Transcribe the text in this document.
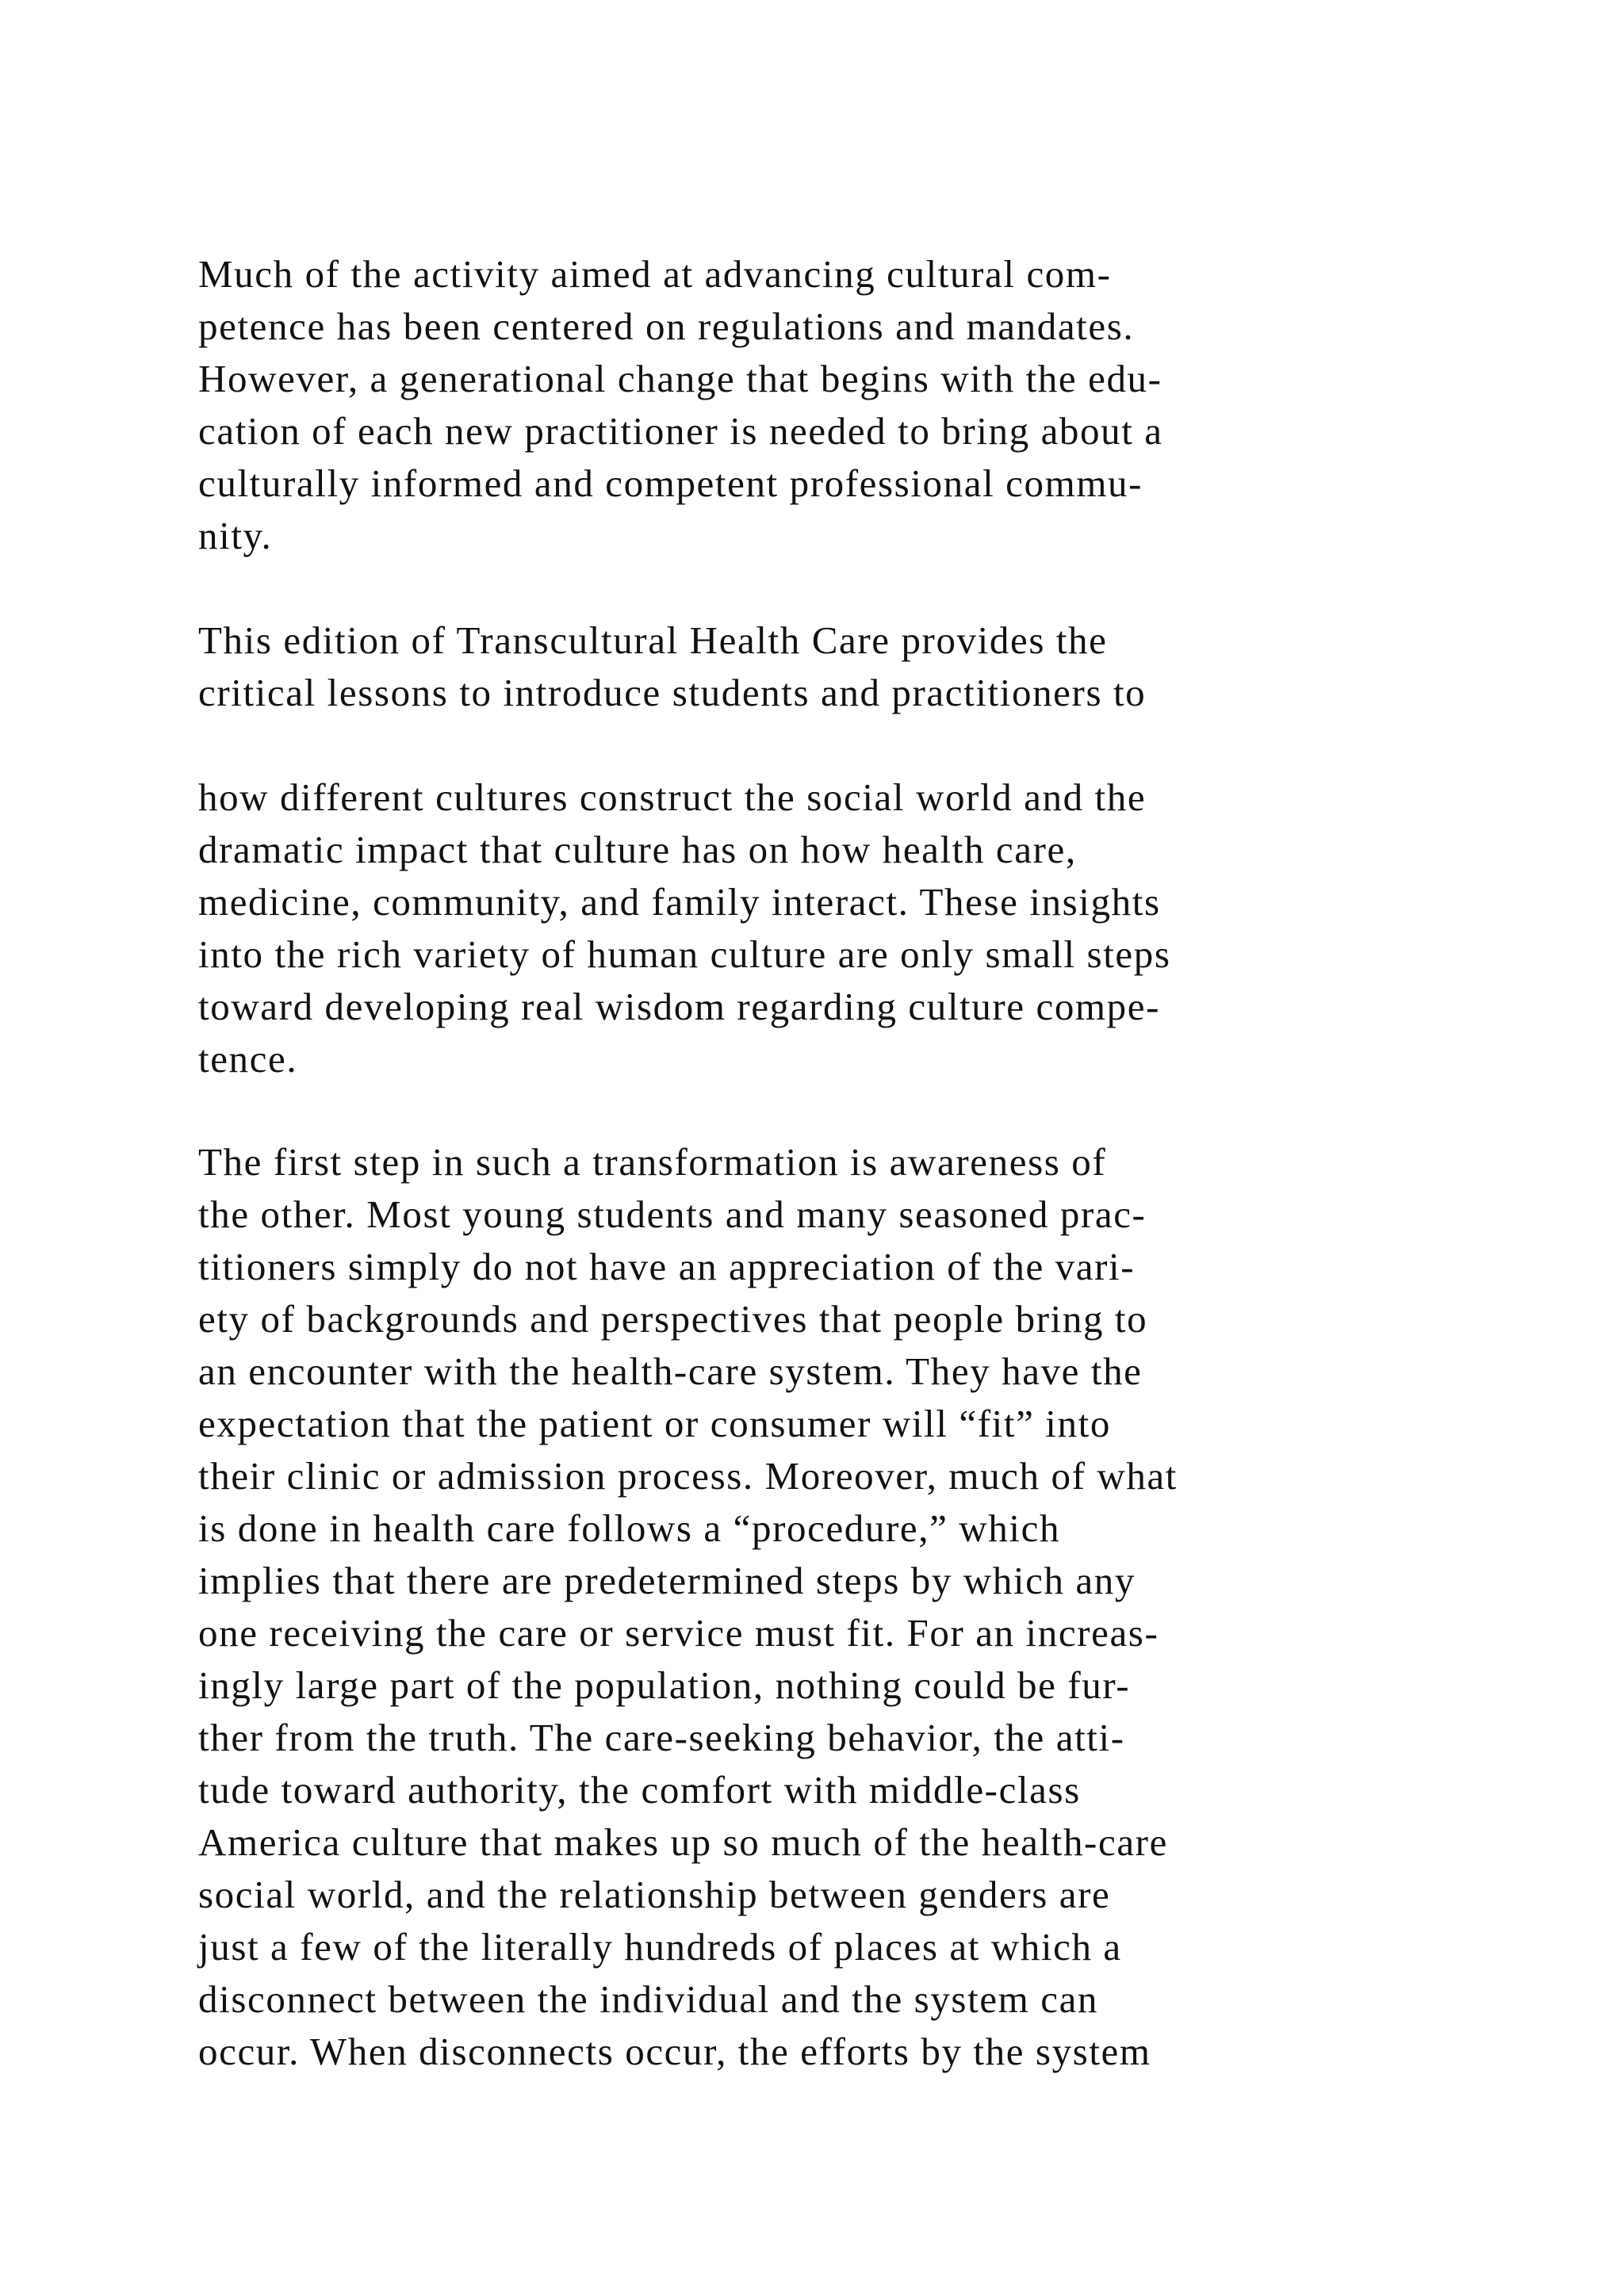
Much of the activity aimed at advancing cultural com-
petence has been centered on regulations and mandates.
However, a generational change that begins with the edu-
cation of each new practitioner is needed to bring about a
culturally informed and competent professional commu-
nity.
This edition of Transcultural Health Care provides the
critical lessons to introduce students and practitioners to
how different cultures construct the social world and the
dramatic impact that culture has on how health care,
medicine, community, and family interact. These insights
into the rich variety of human culture are only small steps
toward developing real wisdom regarding culture compe-
tence.
The first step in such a transformation is awareness of
the other. Most young students and many seasoned prac-
titioners simply do not have an appreciation of the vari-
ety of backgrounds and perspectives that people bring to
an encounter with the health-care system. They have the
expectation that the patient or consumer will “fit” into
their clinic or admission process. Moreover, much of what
is done in health care follows a “procedure,” which
implies that there are predetermined steps by which any
one receiving the care or service must fit. For an increas-
ingly large part of the population, nothing could be fur-
ther from the truth. The care-seeking behavior, the atti-
tude toward authority, the comfort with middle-class
America culture that makes up so much of the health-care
social world, and the relationship between genders are
just a few of the literally hundreds of places at which a
disconnect between the individual and the system can
occur. When disconnects occur, the efforts by the system
